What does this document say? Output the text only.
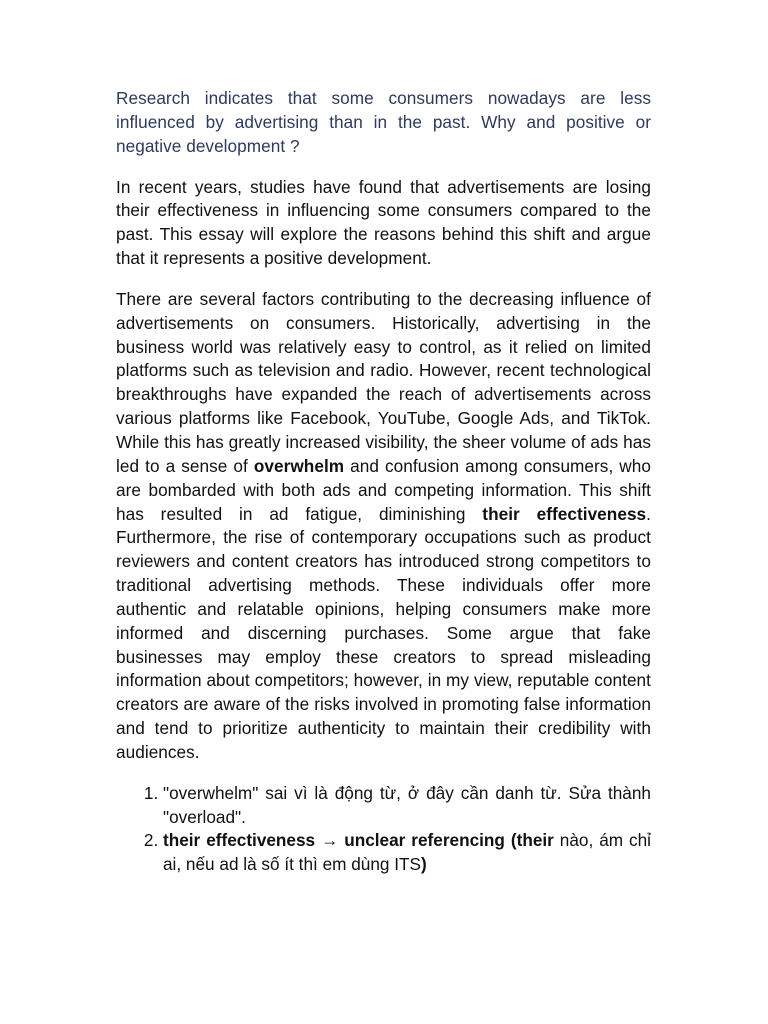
Research indicates that some consumers nowadays are less influenced by advertising than in the past. Why and positive or negative development ?

In recent years, studies have found that advertisements are losing their effectiveness in influencing some consumers compared to the past. This essay will explore the reasons behind this shift and argue that it represents a positive development.

There are several factors contributing to the decreasing influence of advertisements on consumers. Historically, advertising in the business world was relatively easy to control, as it relied on limited platforms such as television and radio. However, recent technological breakthroughs have expanded the reach of advertisements across various platforms like Facebook, YouTube, Google Ads, and TikTok. While this has greatly increased visibility, the sheer volume of ads has led to a sense of overwhelm and confusion among consumers, who are bombarded with both ads and competing information. This shift has resulted in ad fatigue, diminishing their effectiveness. Furthermore, the rise of contemporary occupations such as product reviewers and content creators has introduced strong competitors to traditional advertising methods. These individuals offer more authentic and relatable opinions, helping consumers make more informed and discerning purchases. Some argue that fake businesses may employ these creators to spread misleading information about competitors; however, in my view, reputable content creators are aware of the risks involved in promoting false information and tend to prioritize authenticity to maintain their credibility with audiences.

1. "overwhelm" sai vì là động từ, ở đây cần danh từ. Sửa thành "overload".
2. their effectiveness → unclear referencing (their nào, ám chỉ ai, nếu ad là số ít thì em dùng ITS)
